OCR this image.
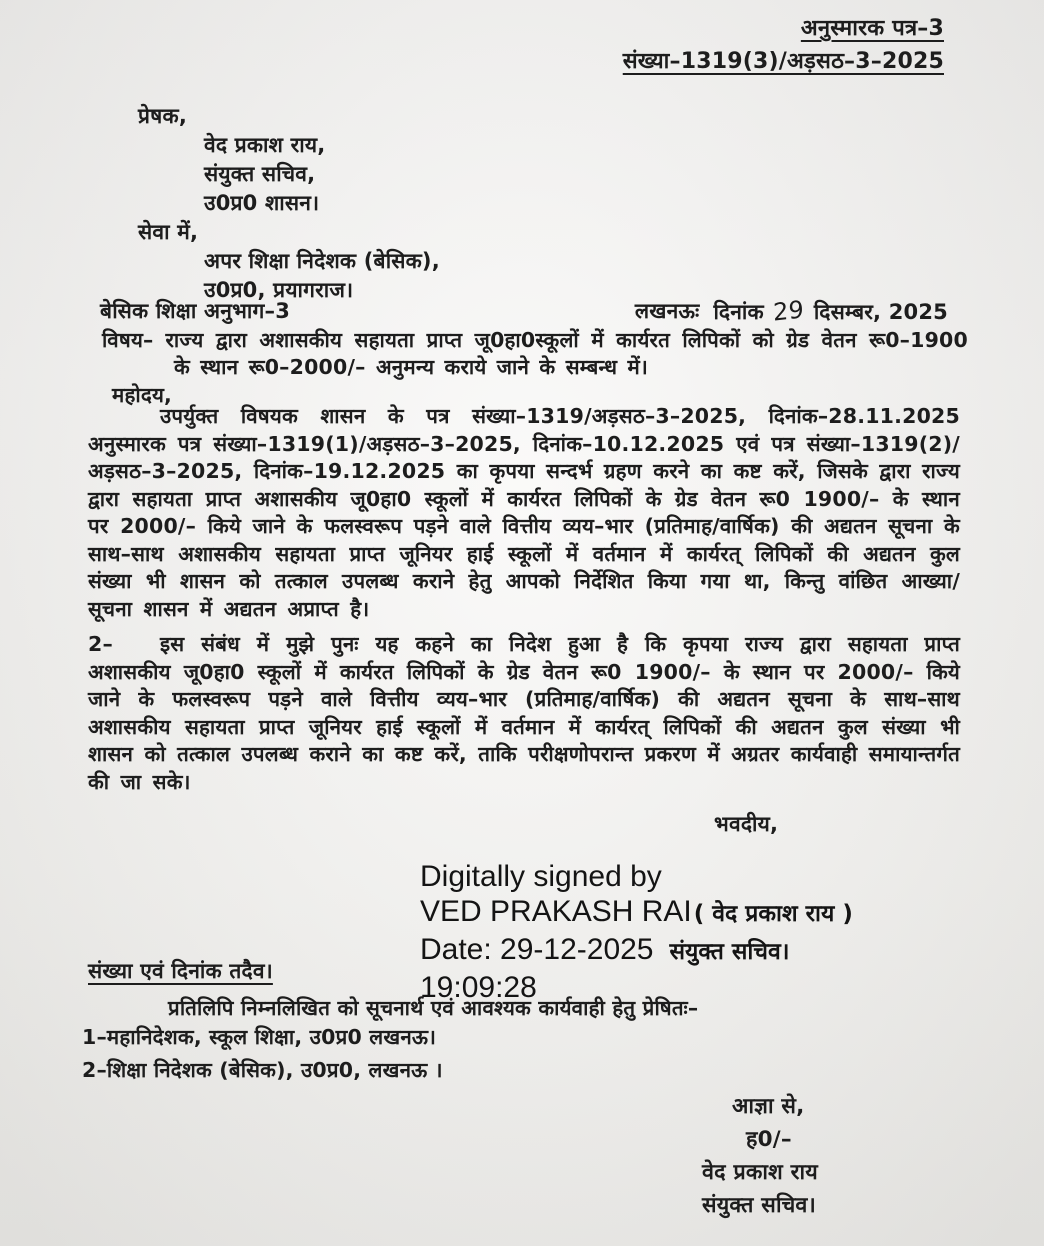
अनुस्मारक पत्र–3
संख्या–1319(3)/अड़सठ–3–2025
प्रेषक,
वेद प्रकाश राय,
संयुक्त सचिव,
उ0प्र0 शासन।
सेवा में,
अपर शिक्षा निदेशक (बेसिक),
उ0प्र0, प्रयागराज।
बेसिक शिक्षा अनुभाग–3	लखनऊः दिनांक 29 दिसम्बर, 2025
विषय– राज्य द्वारा अशासकीय सहायता प्राप्त जू0हा0स्कूलों में कार्यरत लिपिकों को ग्रेड वेतन रू0–1900 के स्थान रू0–2000/– अनुमन्य कराये जाने के सम्बन्ध में।
महोदय,
उपर्युक्त विषयक शासन के पत्र संख्या–1319/अड़सठ–3–2025, दिनांक–28.11.2025 अनुस्मारक पत्र संख्या–1319(1)/अड़सठ–3–2025, दिनांक–10.12.2025 एवं पत्र संख्या–1319(2)/अड़सठ–3–2025, दिनांक–19.12.2025 का कृपया सन्दर्भ ग्रहण करने का कष्ट करें, जिसके द्वारा राज्य द्वारा सहायता प्राप्त अशासकीय जू0हा0 स्कूलों में कार्यरत लिपिकों के ग्रेड वेतन रू0 1900/– के स्थान पर 2000/– किये जाने के फलस्वरूप पड़ने वाले वित्तीय व्यय–भार (प्रतिमाह/वार्षिक) की अद्यतन सूचना के साथ–साथ अशासकीय सहायता प्राप्त जूनियर हाई स्कूलों में वर्तमान में कार्यरत् लिपिकों की अद्यतन कुल संख्या भी शासन को तत्काल उपलब्ध कराने हेतु आपको निर्देशित किया गया था, किन्तु वांछित आख्या/सूचना शासन में अद्यतन अप्राप्त है।
2– इस संबंध में मुझे पुनः यह कहने का निदेश हुआ है कि कृपया राज्य द्वारा सहायता प्राप्त अशासकीय जू0हा0 स्कूलों में कार्यरत लिपिकों के ग्रेड वेतन रू0 1900/– के स्थान पर 2000/– किये जाने के फलस्वरूप पड़ने वाले वित्तीय व्यय–भार (प्रतिमाह/वार्षिक) की अद्यतन सूचना के साथ–साथ अशासकीय सहायता प्राप्त जूनियर हाई स्कूलों में वर्तमान में कार्यरत् लिपिकों की अद्यतन कुल संख्या भी शासन को तत्काल उपलब्ध कराने का कष्ट करें, ताकि परीक्षणोपरान्त प्रकरण में अग्रतर कार्यवाही समायान्तर्गत की जा सके।
भवदीय,
Digitally signed by
VED PRAKASH RAI ( वेद प्रकाश राय )
Date: 29-12-2025 संयुक्त सचिव।
19:09:28
संख्या एवं दिनांक तदैव।
प्रतिलिपि निम्नलिखित को सूचनार्थ एवं आवश्यक कार्यवाही हेतु प्रेषितः–
1–महानिदेशक, स्कूल शिक्षा, उ0प्र0 लखनऊ।
2–शिक्षा निदेशक (बेसिक), उ0प्र0, लखनऊ ।
आज्ञा से,
ह0/–
वेद प्रकाश राय
संयुक्त सचिव।
